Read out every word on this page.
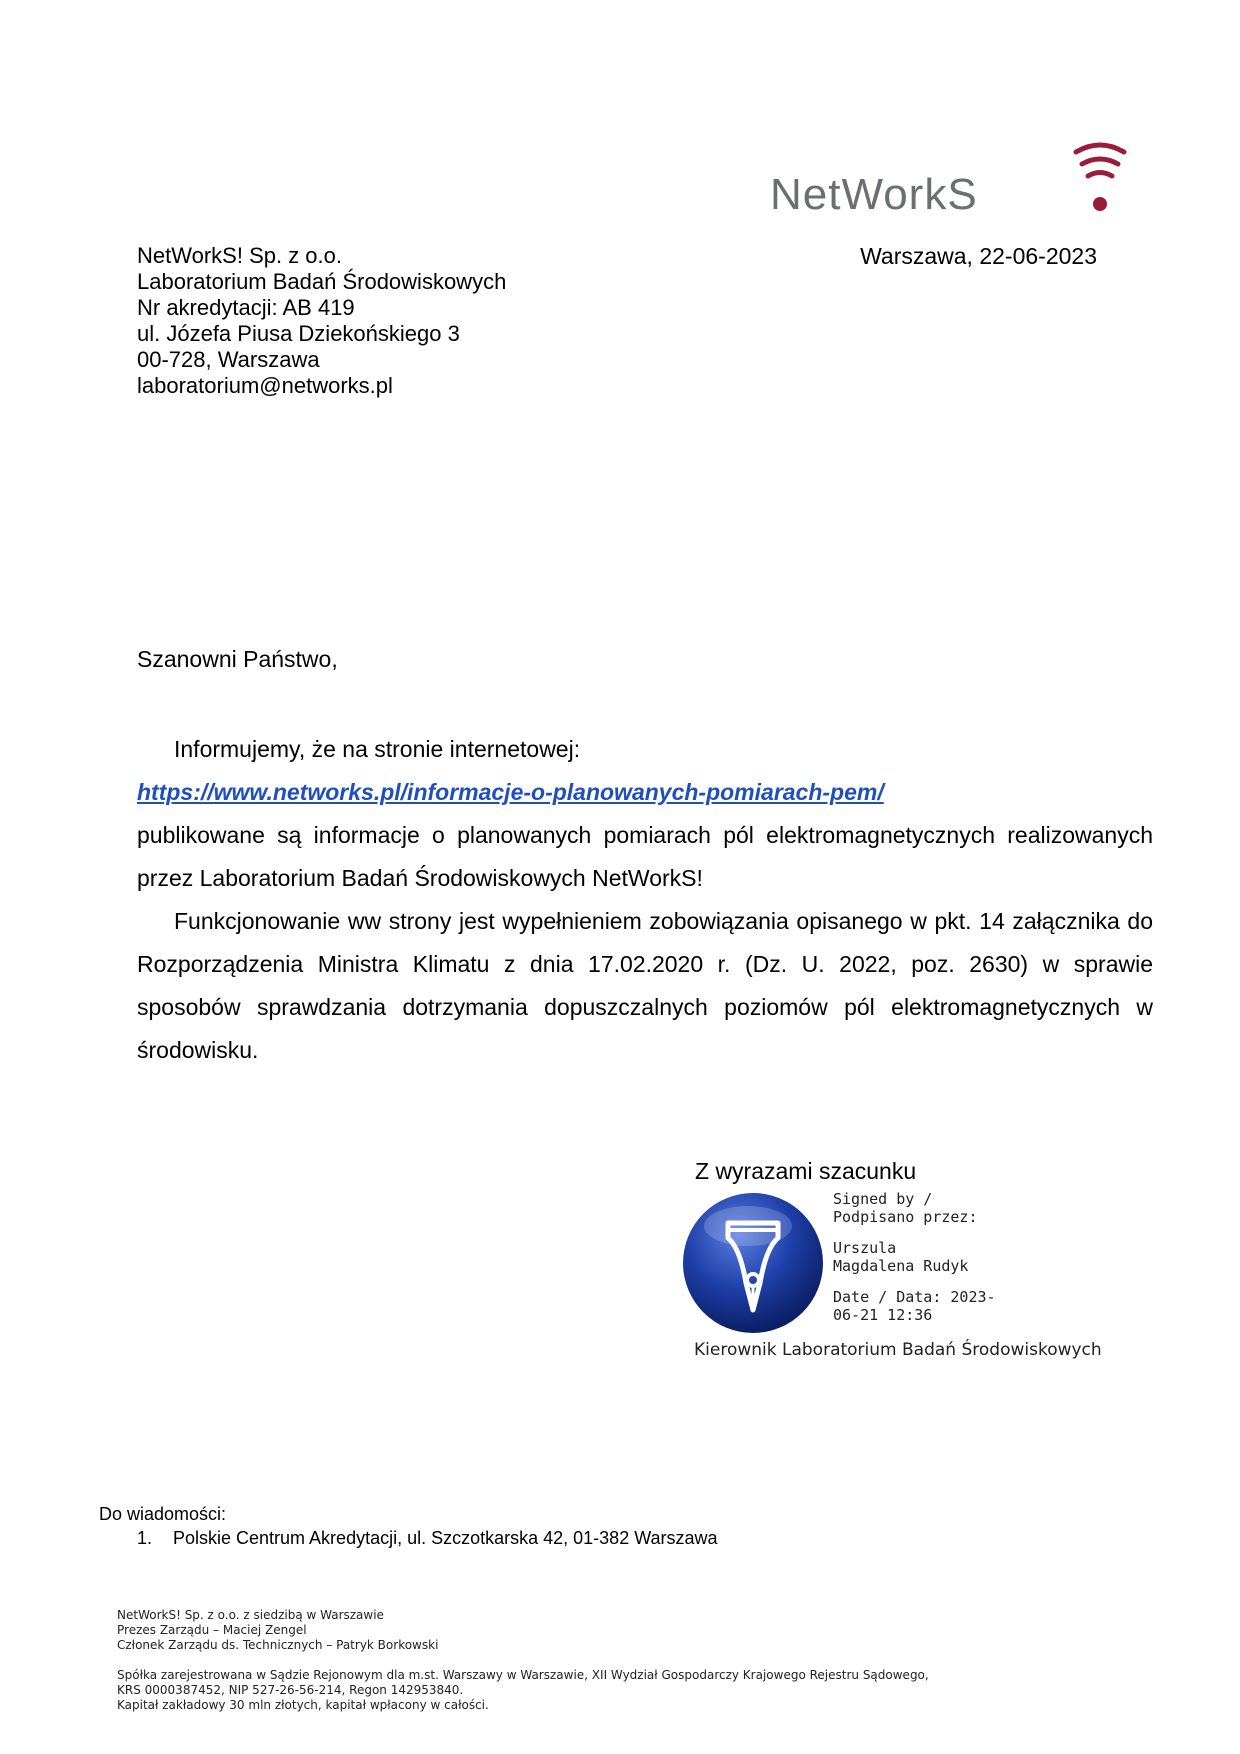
NetWorkS
NetWorkS! Sp. z o.o.
Laboratorium Badań Środowiskowych
Nr akredytacji: AB 419
ul. Józefa Piusa Dziekońskiego 3
00-728, Warszawa
laboratorium@networks.pl
Warszawa, 22-06-2023
Szanowni Państwo,

Informujemy, że na stronie internetowej:

https://www.networks.pl/informacje-o-planowanych-pomiarach-pem/

publikowane są informacje o planowanych pomiarach pól elektromagnetycznych realizowanych przez Laboratorium Badań Środowiskowych NetWorkS!

Funkcjonowanie ww strony jest wypełnieniem zobowiązania opisanego w pkt. 14 załącznika do Rozporządzenia Ministra Klimatu z dnia 17.02.2020 r. (Dz. U. 2022, poz. 2630) w sprawie sposobów sprawdzania dotrzymania dopuszczalnych poziomów pól elektromagnetycznych w środowisku.

Z wyrazami szacunku
Signed by /
Podpisano przez:
Urszula
Magdalena Rudyk
Date / Data: 2023-
06-21 12:36
Kierownik Laboratorium Badań Środowiskowych
Do wiadomości:
1. Polskie Centrum Akredytacji, ul. Szczotkarska 42, 01-382 Warszawa
NetWorkS! Sp. z o.o. z siedzibą w Warszawie
Prezes Zarządu – Maciej Zengel
Członek Zarządu ds. Technicznych – Patryk Borkowski
Spółka zarejestrowana w Sądzie Rejonowym dla m.st. Warszawy w Warszawie, XII Wydział Gospodarczy Krajowego Rejestru Sądowego,
KRS 0000387452, NIP 527-26-56-214, Regon 142953840.
Kapitał zakładowy 30 mln złotych, kapitał wpłacony w całości.
